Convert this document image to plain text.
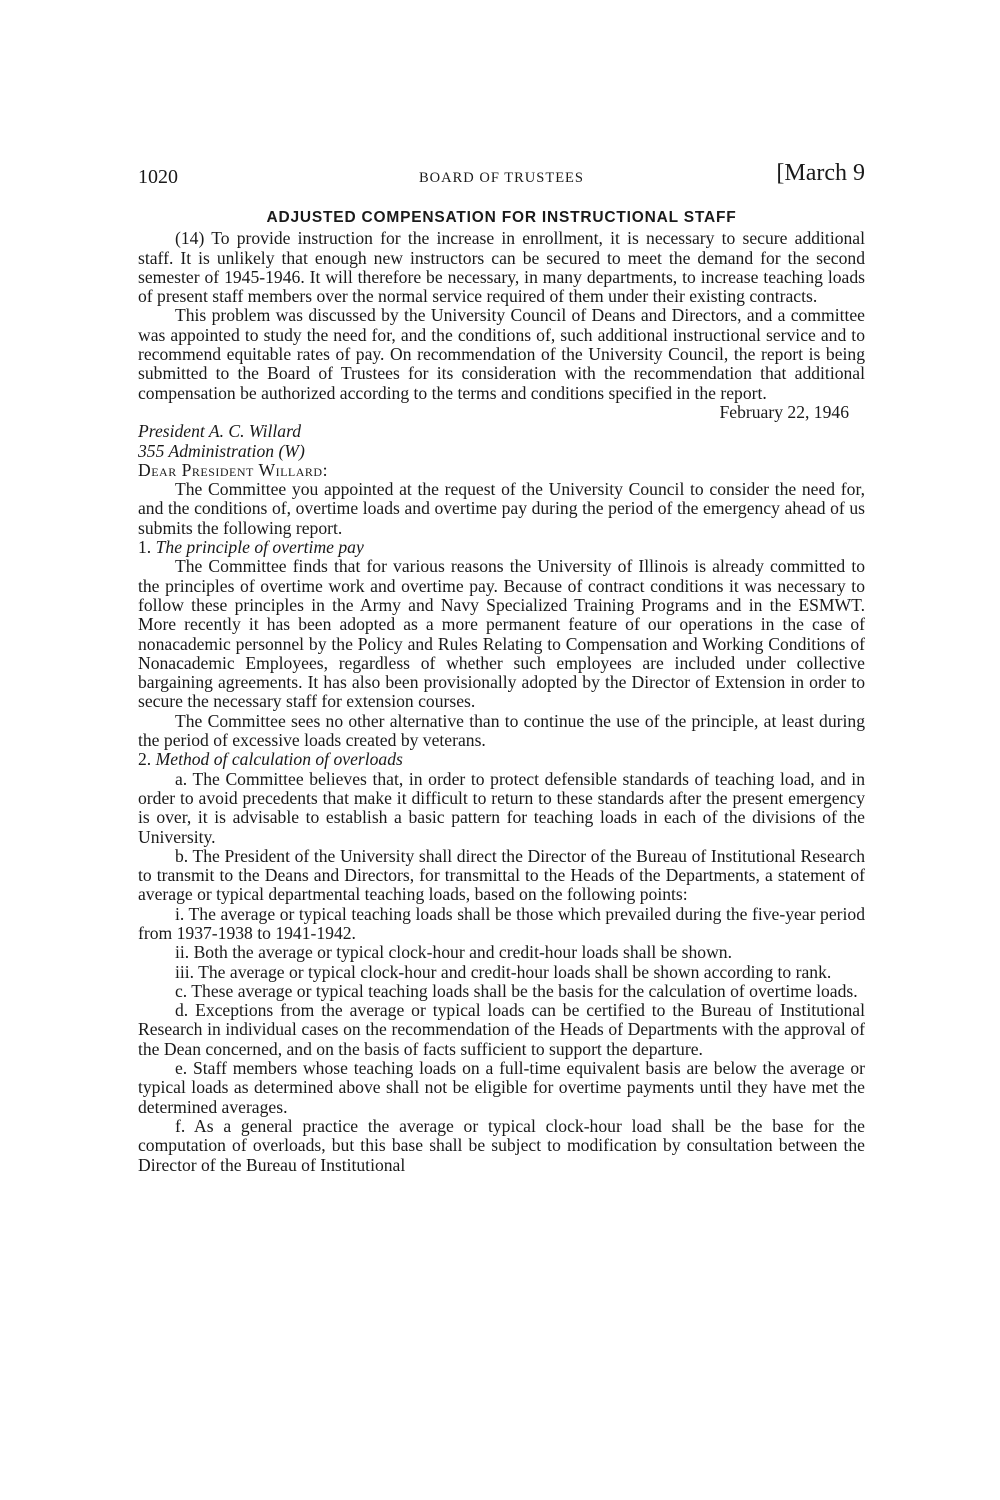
1020	BOARD OF TRUSTEES	[March 9
ADJUSTED COMPENSATION FOR INSTRUCTIONAL STAFF

(14) To provide instruction for the increase in enrollment, it is necessary to secure additional staff. It is unlikely that enough new instructors can be secured to meet the demand for the second semester of 1945-1946. It will therefore be necessary, in many departments, to increase teaching loads of present staff members over the normal service required of them under their existing contracts.

This problem was discussed by the University Council of Deans and Directors, and a committee was appointed to study the need for, and the conditions of, such additional instructional service and to recommend equitable rates of pay. On recommendation of the University Council, the report is being submitted to the Board of Trustees for its consideration with the recommendation that additional compensation be authorized according to the terms and conditions specified in the report.

February 22, 1946

President A. C. Willard

355 Administration (W)

Dear President Willard:

The Committee you appointed at the request of the University Council to consider the need for, and the conditions of, overtime loads and overtime pay during the period of the emergency ahead of us submits the following report.

1. The principle of overtime pay

The Committee finds that for various reasons the University of Illinois is already committed to the principles of overtime work and overtime pay. Because of contract conditions it was necessary to follow these principles in the Army and Navy Specialized Training Programs and in the ESMWT. More recently it has been adopted as a more permanent feature of our operations in the case of nonacademic personnel by the Policy and Rules Relating to Compensation and Working Conditions of Nonacademic Employees, regardless of whether such employees are included under collective bargaining agreements. It has also been provisionally adopted by the Director of Extension in order to secure the necessary staff for extension courses.

The Committee sees no other alternative than to continue the use of the principle, at least during the period of excessive loads created by veterans.

2. Method of calculation of overloads

a. The Committee believes that, in order to protect defensible standards of teaching load, and in order to avoid precedents that make it difficult to return to these standards after the present emergency is over, it is advisable to establish a basic pattern for teaching loads in each of the divisions of the University.

b. The President of the University shall direct the Director of the Bureau of Institutional Research to transmit to the Deans and Directors, for transmittal to the Heads of the Departments, a statement of average or typical departmental teaching loads, based on the following points:

i. The average or typical teaching loads shall be those which prevailed during the five-year period from 1937-1938 to 1941-1942.

ii. Both the average or typical clock-hour and credit-hour loads shall be shown.

iii. The average or typical clock-hour and credit-hour loads shall be shown according to rank.

c. These average or typical teaching loads shall be the basis for the calculation of overtime loads.

d. Exceptions from the average or typical loads can be certified to the Bureau of Institutional Research in individual cases on the recommendation of the Heads of Departments with the approval of the Dean concerned, and on the basis of facts sufficient to support the departure.

e. Staff members whose teaching loads on a full-time equivalent basis are below the average or typical loads as determined above shall not be eligible for overtime payments until they have met the determined averages.

f. As a general practice the average or typical clock-hour load shall be the base for the computation of overloads, but this base shall be subject to modification by consultation between the Director of the Bureau of Institutional
